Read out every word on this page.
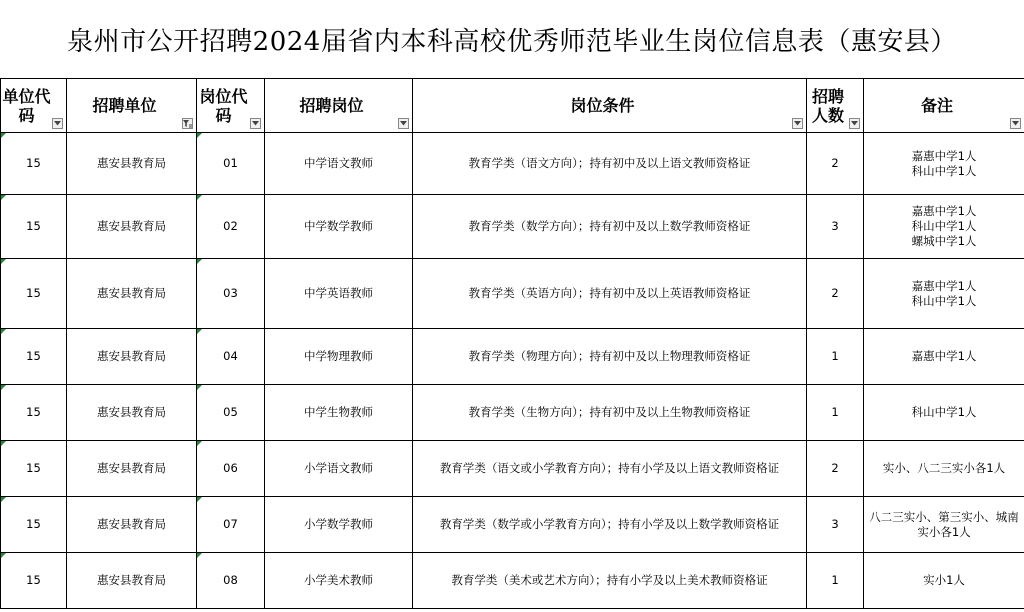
泉州市公开招聘2024届省内本科高校优秀师范毕业生岗位信息表（惠安县）
单位代码	招聘单位	岗位代码	招聘岗位	岗位条件	招聘人数	备注

15	惠安县教育局	01	中学语文教师	教育学类（语文方向）；持有初中及以上语文教师资格证	2	嘉惠中学1人
科山中学1人

15	惠安县教育局	02	中学数学教师	教育学类（数学方向）；持有初中及以上数学教师资格证	3	嘉惠中学1人
科山中学1人
螺城中学1人

15	惠安县教育局	03	中学英语教师	教育学类（英语方向）；持有初中及以上英语教师资格证	2	嘉惠中学1人
科山中学1人

15	惠安县教育局	04	中学物理教师	教育学类（物理方向）；持有初中及以上物理教师资格证	1	嘉惠中学1人

15	惠安县教育局	05	中学生物教师	教育学类（生物方向）；持有初中及以上生物教师资格证	1	科山中学1人

15	惠安县教育局	06	小学语文教师	教育学类（语文或小学教育方向）；持有小学及以上语文教师资格证	2	实小、八二三实小各1人

15	惠安县教育局	07	小学数学教师	教育学类（数学或小学教育方向）；持有小学及以上数学教师资格证	3	八二三实小、第三实小、城南实小各1人

15	惠安县教育局	08	小学美术教师	教育学类（美术或艺术方向）；持有小学及以上美术教师资格证	1	实小1人
